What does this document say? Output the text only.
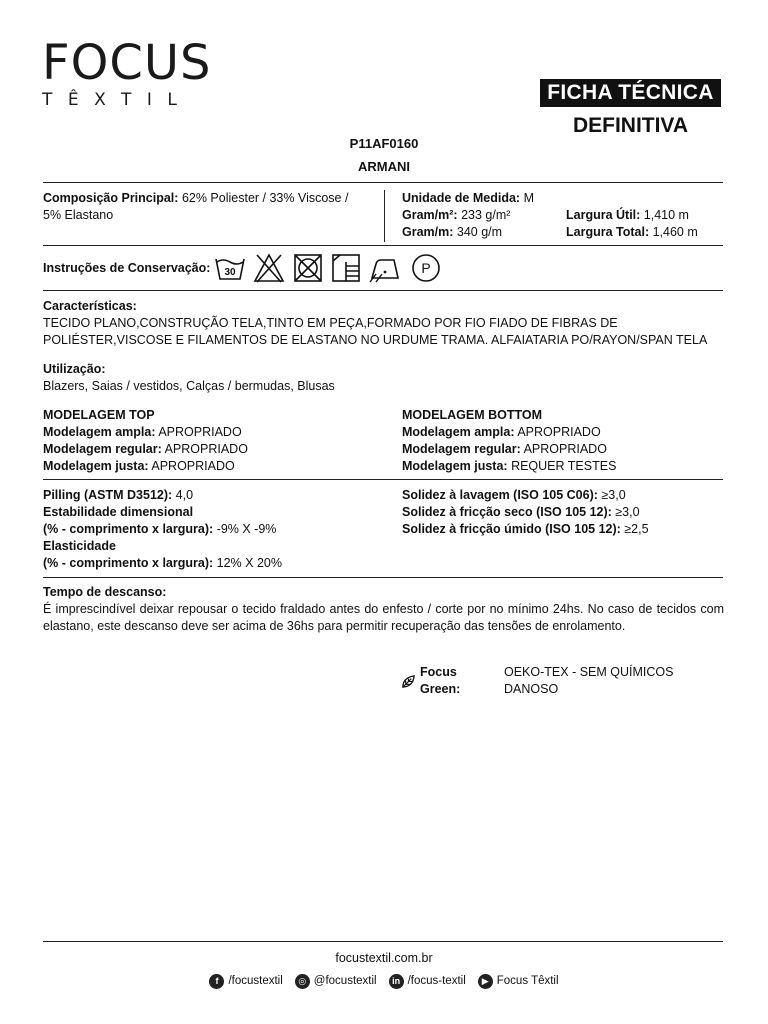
FOCUS
TÊXTIL	FICHA TÉCNICA
DEFINITIVA
P11AF0160
ARMANI
Composição Principal: 62% Poliester / 33% Viscose /
5% Elastano
Unidade de Medida: M
Gram/m²: 233 g/m²
Gram/m: 340 g/m
Largura Útil: 1,410 m
Largura Total: 1,460 m
Instruções de Conservação: 30	P
Características:
TECIDO PLANO,CONSTRUÇÃO TELA,TINTO EM PEÇA,FORMADO POR FIO FIADO DE FIBRAS DE POLIÉSTER,VISCOSE E FILAMENTOS DE ELASTANO NO URDUME TRAMA. ALFAIATARIA PO/RAYON/SPAN TELA
Utilização:
Blazers, Saias / vestidos, Calças / bermudas, Blusas
MODELAGEM TOP
Modelagem ampla: APROPRIADO
Modelagem regular: APROPRIADO
Modelagem justa: APROPRIADO
MODELAGEM BOTTOM
Modelagem ampla: APROPRIADO
Modelagem regular: APROPRIADO
Modelagem justa: REQUER TESTES
Pilling (ASTM D3512): 4,0
Estabilidade dimensional
(% - comprimento x largura): -9% X -9%
Elasticidade
(% - comprimento x largura): 12% X 20%
Solidez à lavagem (ISO 105 C06): ≥3,0
Solidez à fricção seco (ISO 105 12): ≥3,0
Solidez à fricção úmido (ISO 105 12): ≥2,5
Tempo de descanso:
É imprescindível deixar repousar o tecido fraldado antes do enfesto / corte por no mínimo 24hs. No caso de tecidos com elastano, este descanso deve ser acima de 36hs para permitir recuperação das tensões de enrolamento.
Focus Green:

OEKO-TEX - SEM QUÍMICOS DANOSO
focustextil.com.br
f /focustextil	◎ @focustextil	in /focus-textil	▶ Focus Têxtil
